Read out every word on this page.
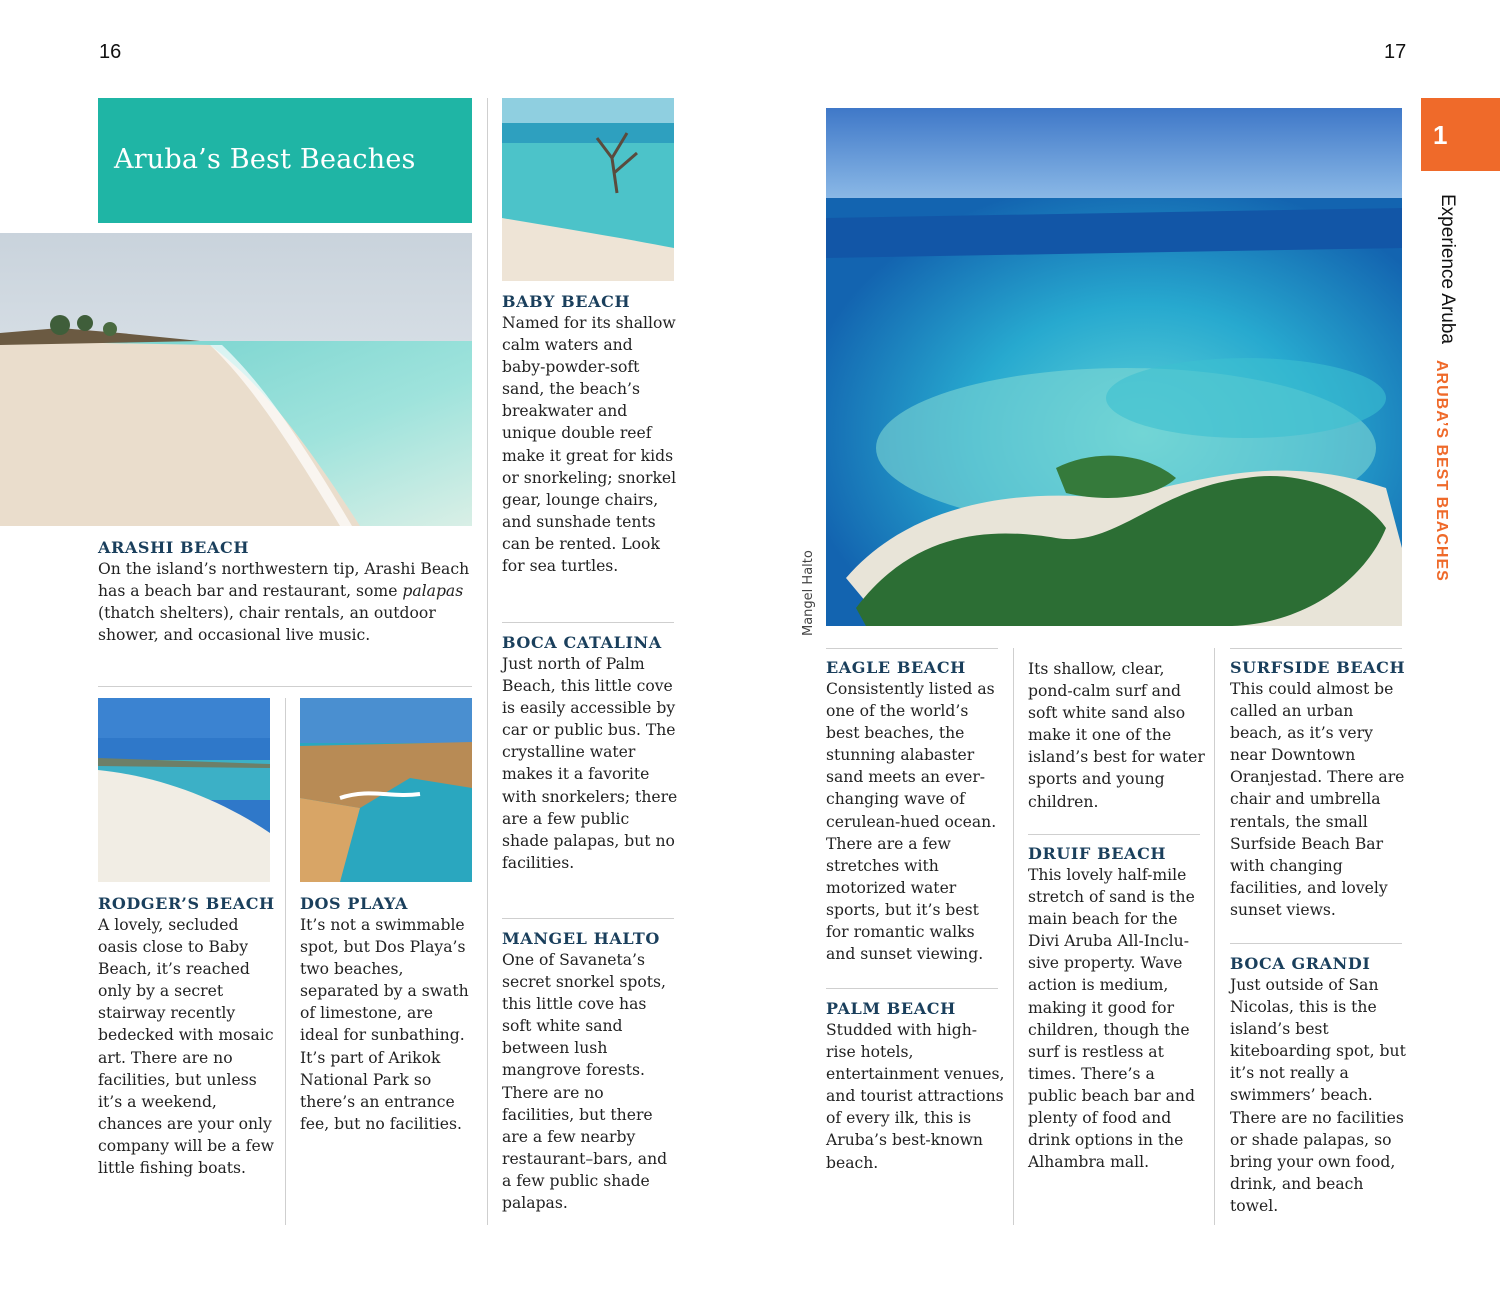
16	17
Aruba’s Best Beaches
ARASHI BEACH

On the island’s northwestern tip, Arashi Beach has a beach bar and restaurant, some palapas (thatch shelters), chair rentals, an outdoor shower, and occasional live music.

RODGER’S BEACH

A lovely, secluded oasis close to Baby Beach, it’s reached only by a secret stairway recently bedecked with mosaic art. There are no facilities, but unless it’s a weekend, chances are your only company will be a few little fishing boats.

DOS PLAYA

It’s not a swimmable spot, but Dos Playa’s two beaches, separated by a swath of limestone, are ideal for sunbathing. It’s part of Arikok National Park so there’s an entrance fee, but no facilities.

BABY BEACH

Named for its shallow calm waters and baby-powder-soft sand, the beach’s breakwater and unique double reef make it great for kids or snorkeling; snorkel gear, lounge chairs, and sunshade tents can be rented. Look for sea turtles.

BOCA CATALINA

Just north of Palm Beach, this little cove is easily accessible by car or public bus. The crystalline water makes it a favorite with snorkelers; there are a few public shade palapas, but no facilities.

MANGEL HALTO

One of Savaneta’s secret snorkel spots, this little cove has soft white sand between lush mangrove forests. There are no facilities, but there are a few nearby restaurant–bars, and a few public shade palapas.

Mangel Halto
1
Experience Aruba
ARUBA’S BEST BEACHES
EAGLE BEACH

Consistently listed as one of the world’s best beaches, the stunning alabaster sand meets an ever-changing wave of cerulean-hued ocean. There are a few stretches with motorized water sports, but it’s best for romantic walks and sunset viewing.

PALM BEACH

Studded with high-rise hotels, entertainment venues, and tourist attractions of every ilk, this is Aruba’s best-known beach.

Its shallow, clear, pond-calm surf and soft white sand also make it one of the island’s best for water sports and young children.

DRUIF BEACH

This lovely half-mile stretch of sand is the main beach for the Divi Aruba All-Inclusive property. Wave action is medium, making it good for children, though the surf is restless at times. There’s a public beach bar and plenty of food and drink options in the Alhambra mall.

SURFSIDE BEACH

This could almost be called an urban beach, as it’s very near Downtown Oranjestad. There are chair and umbrella rentals, the small Surfside Beach Bar with changing facilities, and lovely sunset views.

BOCA GRANDI

Just outside of San Nicolas, this is the island’s best kiteboarding spot, but it’s not really a swimmers’ beach. There are no facilities or shade palapas, so bring your own food, drink, and beach towel.
